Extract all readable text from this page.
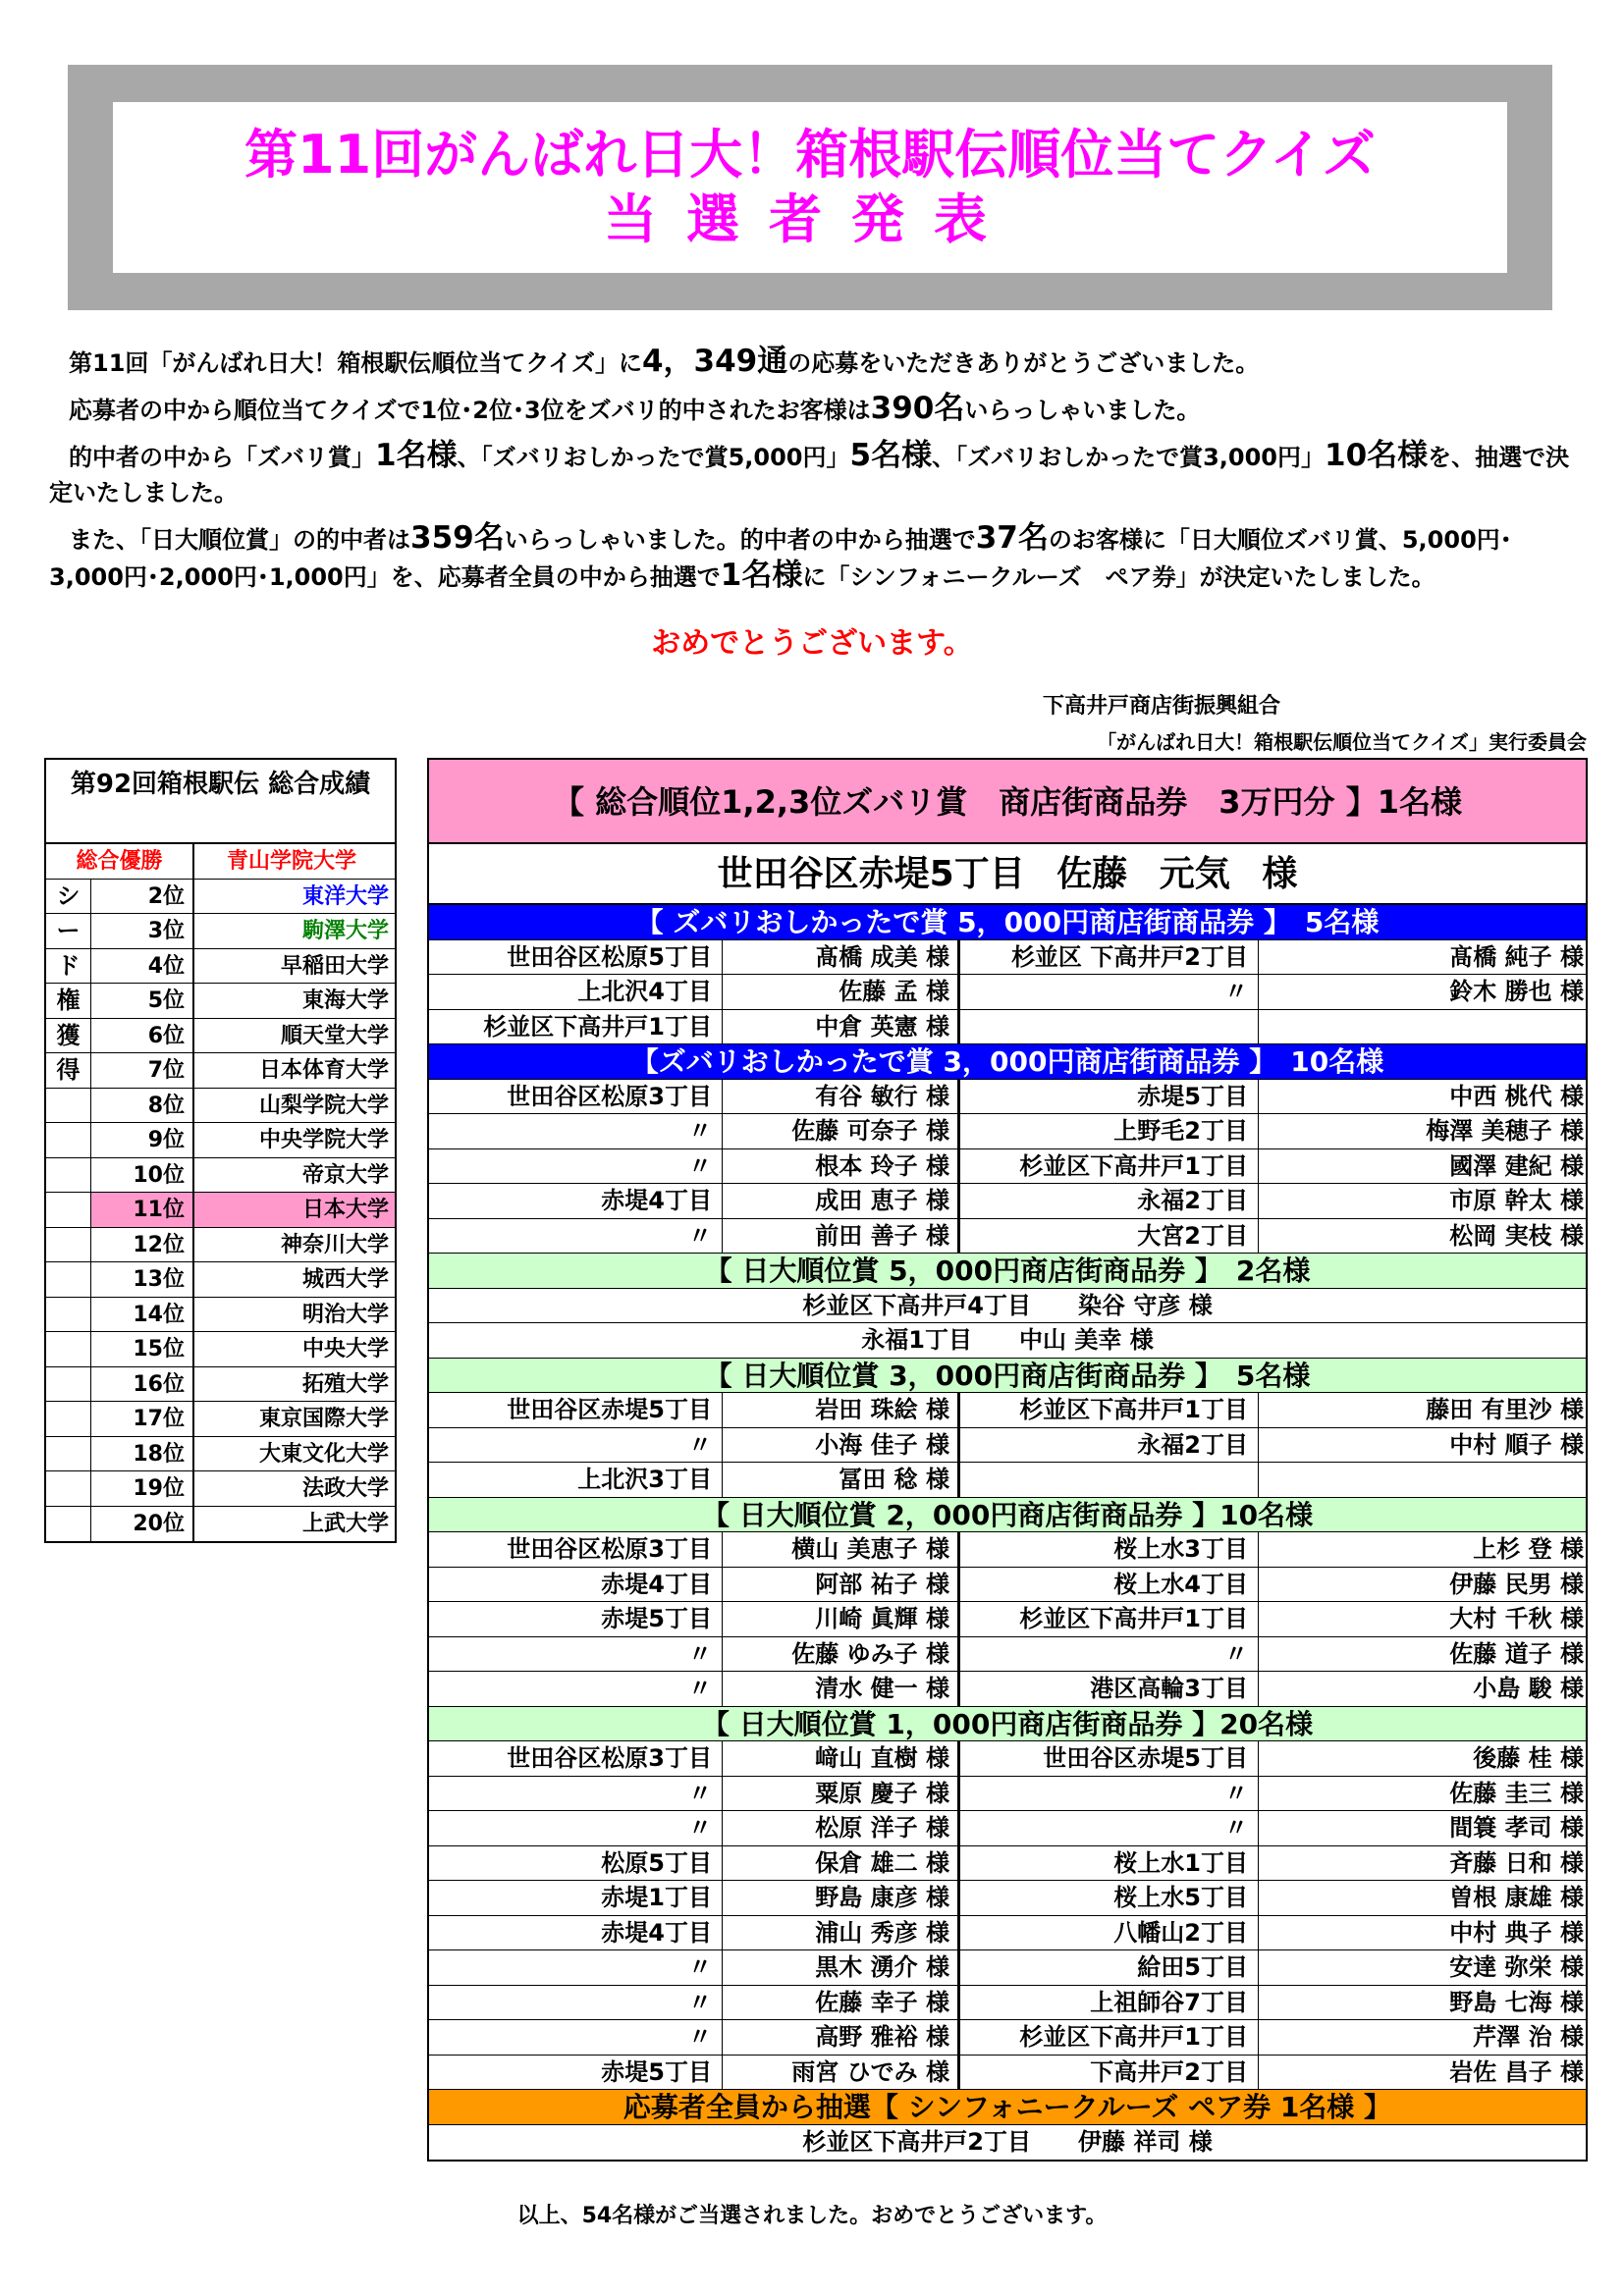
第11回がんばれ日大！箱根駅伝順位当てクイズ
当選者発表

第11回「がんばれ日大！箱根駅伝順位当てクイズ」に4，349通の応募をいただきありがとうございました。

応募者の中から順位当てクイズで1位･2位･3位をズバリ的中されたお客様は390名いらっしゃいました。

的中者の中から「ズバリ賞」1名様、「ズバリおしかったで賞5,000円」5名様、「ズバリおしかったで賞3,000円」10名様を、抽選で決定いたしました。

また、「日大順位賞」の的中者は359名いらっしゃいました。的中者の中から抽選で37名のお客様に「日大順位ズバリ賞、5,000円･3,000円･2,000円･1,000円」を、応募者全員の中から抽選で1名様に「シンフォニークルーズ　ペア券」が決定いたしました。

おめでとうございます。
下高井戸商店街振興組合
「がんばれ日大！箱根駅伝順位当てクイズ」実行委員会
第92回箱根駅伝 総合成績
総合優勝	青山学院大学
シ	2位	東洋大学
ー	3位	駒澤大学
ド	4位	早稲田大学
権	5位	東海大学
獲	6位	順天堂大学
得	7位	日本体育大学
8位	山梨学院大学
9位	中央学院大学
10位	帝京大学
11位	日本大学
12位	神奈川大学
13位	城西大学
14位	明治大学
15位	中央大学
16位	拓殖大学
17位	東京国際大学
18位	大東文化大学
19位	法政大学
20位	上武大学
【 総合順位1,2,3位ズバリ賞　商店街商品券　3万円分 】1名様
世田谷区赤堤5丁目 佐藤 元気 様
【 ズバリおしかったで賞 5，000円商店街商品券 】　5名様
世田谷区松原5丁目	髙橋 成美 様	杉並区 下高井戸2丁目	髙橋 純子 様
上北沢4丁目	佐藤 孟 様	〃	鈴木 勝也 様
杉並区下高井戸1丁目	中倉 英憲 様
【ズバリおしかったで賞 3，000円商店街商品券 】　10名様
世田谷区松原3丁目	有谷 敏行 様	赤堤5丁目	中西 桃代 様
〃	佐藤 可奈子 様	上野毛2丁目	梅澤 美穂子 様
〃	根本 玲子 様	杉並区下高井戸1丁目	國澤 建紀 様
赤堤4丁目	成田 恵子 様	永福2丁目	市原 幹太 様
〃	前田 善子 様	大宮2丁目	松岡 実枝 様
【 日大順位賞 5，000円商店街商品券 】　2名様
杉並区下高井戸4丁目　　染谷 守彦 様
永福1丁目　　中山 美幸 様
【 日大順位賞 3，000円商店街商品券 】　5名様
世田谷区赤堤5丁目	岩田 珠絵 様	杉並区下高井戸1丁目	藤田 有里沙 様
〃	小海 佳子 様	永福2丁目	中村 順子 様
上北沢3丁目	冨田 稔 様
【 日大順位賞 2，000円商店街商品券 】10名様
世田谷区松原3丁目	横山 美恵子 様	桜上水3丁目	上杉 登 様
赤堤4丁目	阿部 祐子 様	桜上水4丁目	伊藤 民男 様
赤堤5丁目	川崎 眞輝 様	杉並区下高井戸1丁目	大村 千秋 様
〃	佐藤 ゆみ子 様	〃	佐藤 道子 様
〃	清水 健一 様	港区高輪3丁目	小島 駿 様
【 日大順位賞 1，000円商店街商品券 】20名様
世田谷区松原3丁目	﨑山 直樹 様	世田谷区赤堤5丁目	後藤 桂 様
〃	粟原 慶子 様	〃	佐藤 圭三 様
〃	松原 洋子 様	〃	間簑 孝司 様
松原5丁目	保倉 雄二 様	桜上水1丁目	斉藤 日和 様
赤堤1丁目	野島 康彦 様	桜上水5丁目	曽根 康雄 様
赤堤4丁目	浦山 秀彦 様	八幡山2丁目	中村 典子 様
〃	黒木 湧介 様	給田5丁目	安達 弥栄 様
〃	佐藤 幸子 様	上祖師谷7丁目	野島 七海 様
〃	高野 雅裕 様	杉並区下高井戸1丁目	芹澤 治 様
赤堤5丁目	雨宮 ひでみ 様	下高井戸2丁目	岩佐 昌子 様
応募者全員から抽選【 シンフォニークルーズ ペア券 1名様 】
杉並区下高井戸2丁目　　伊藤 祥司 様
以上、54名様がご当選されました。おめでとうございます。
